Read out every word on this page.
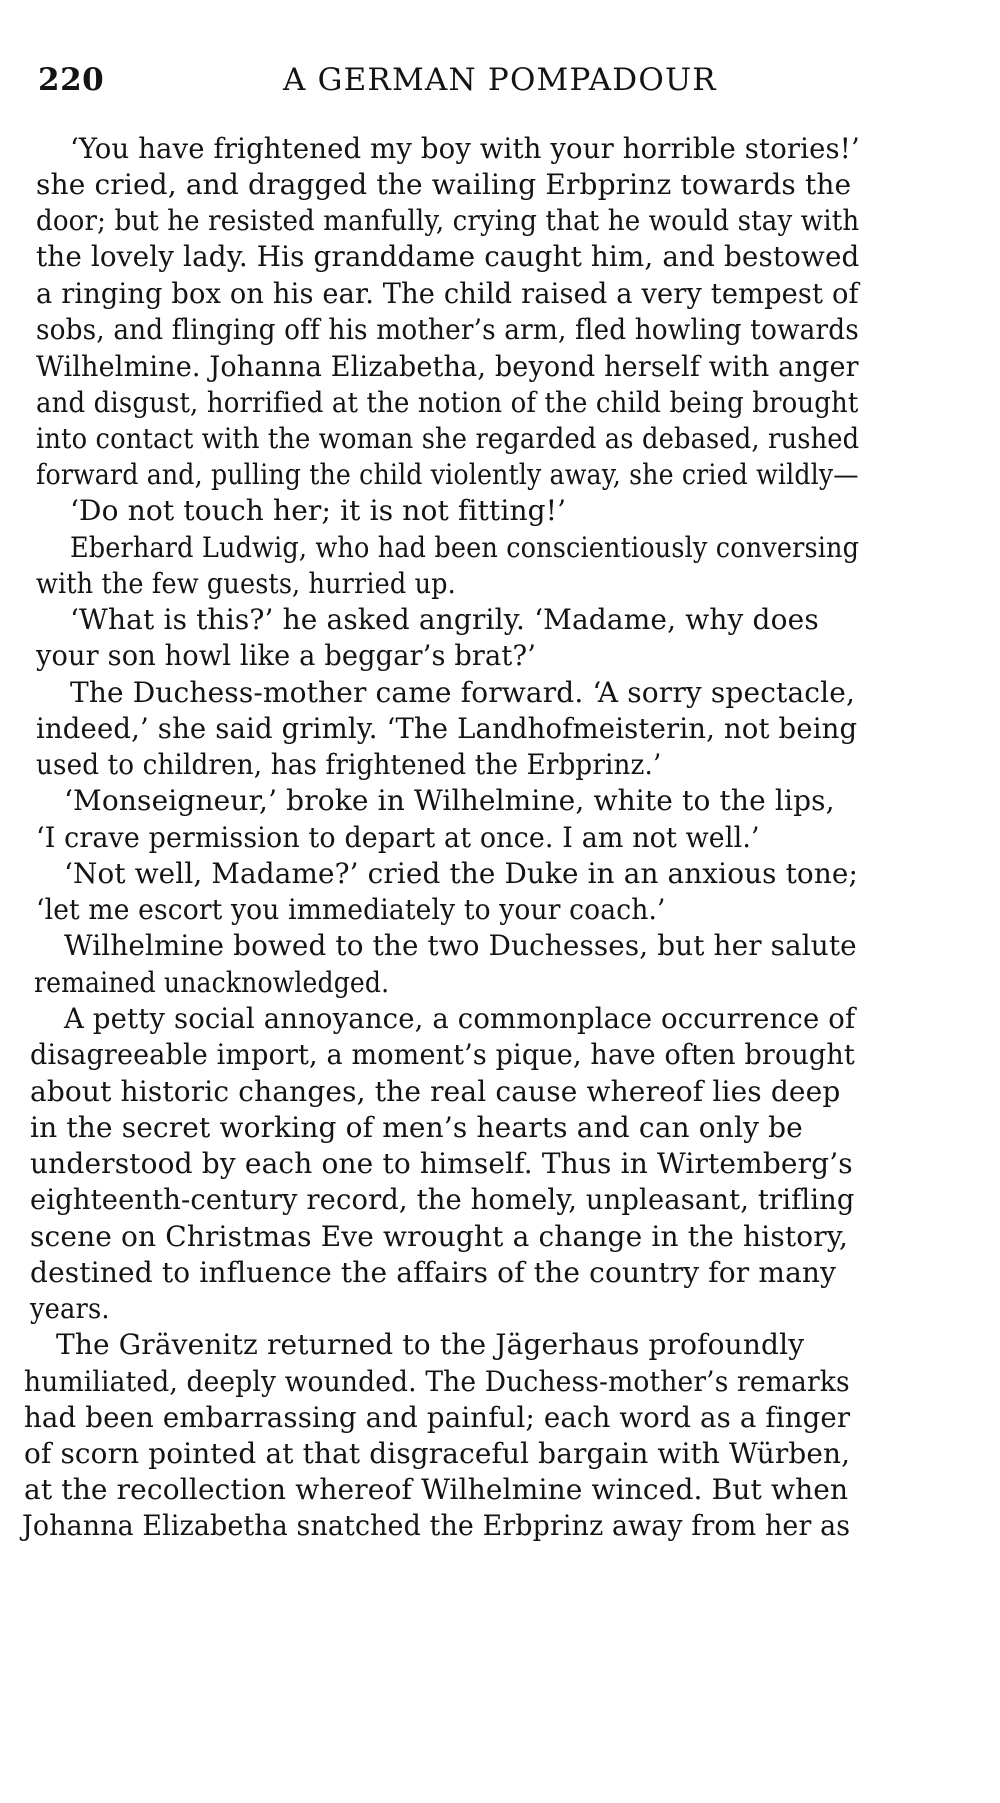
220	A GERMAN POMPADOUR
‘You have frightened my boy with your horrible stories!’
she cried, and dragged the wailing Erbprinz towards the
door; but he resisted manfully, crying that he would stay with
the lovely lady. His granddame caught him, and bestowed
a ringing box on his ear. The child raised a very tempest of
sobs, and flinging off his mother’s arm, fled howling towards
Wilhelmine. Johanna Elizabetha, beyond herself with anger
and disgust, horrified at the notion of the child being brought
into contact with the woman she regarded as debased, rushed
forward and, pulling the child violently away, she cried wildly—
‘Do not touch her; it is not fitting!’
Eberhard Ludwig, who had been conscientiously conversing
with the few guests, hurried up.
‘What is this?’ he asked angrily. ‘Madame, why does
your son howl like a beggar’s brat?’
The Duchess-mother came forward. ‘A sorry spectacle,
indeed,’ she said grimly. ‘The Landhofmeisterin, not being
used to children, has frightened the Erbprinz.’
‘Monseigneur,’ broke in Wilhelmine, white to the lips,
‘I crave permission to depart at once. I am not well.’
‘Not well, Madame?’ cried the Duke in an anxious tone;
‘let me escort you immediately to your coach.’
Wilhelmine bowed to the two Duchesses, but her salute
remained unacknowledged.
A petty social annoyance, a commonplace occurrence of
disagreeable import, a moment’s pique, have often brought
about historic changes, the real cause whereof lies deep
in the secret working of men’s hearts and can only be
understood by each one to himself. Thus in Wirtemberg’s
eighteenth-century record, the homely, unpleasant, trifling
scene on Christmas Eve wrought a change in the history,
destined to influence the affairs of the country for many
years.
The Grävenitz returned to the Jägerhaus profoundly
humiliated, deeply wounded. The Duchess-mother’s remarks
had been embarrassing and painful; each word as a finger
of scorn pointed at that disgraceful bargain with Würben,
at the recollection whereof Wilhelmine winced. But when
Johanna Elizabetha snatched the Erbprinz away from her as
